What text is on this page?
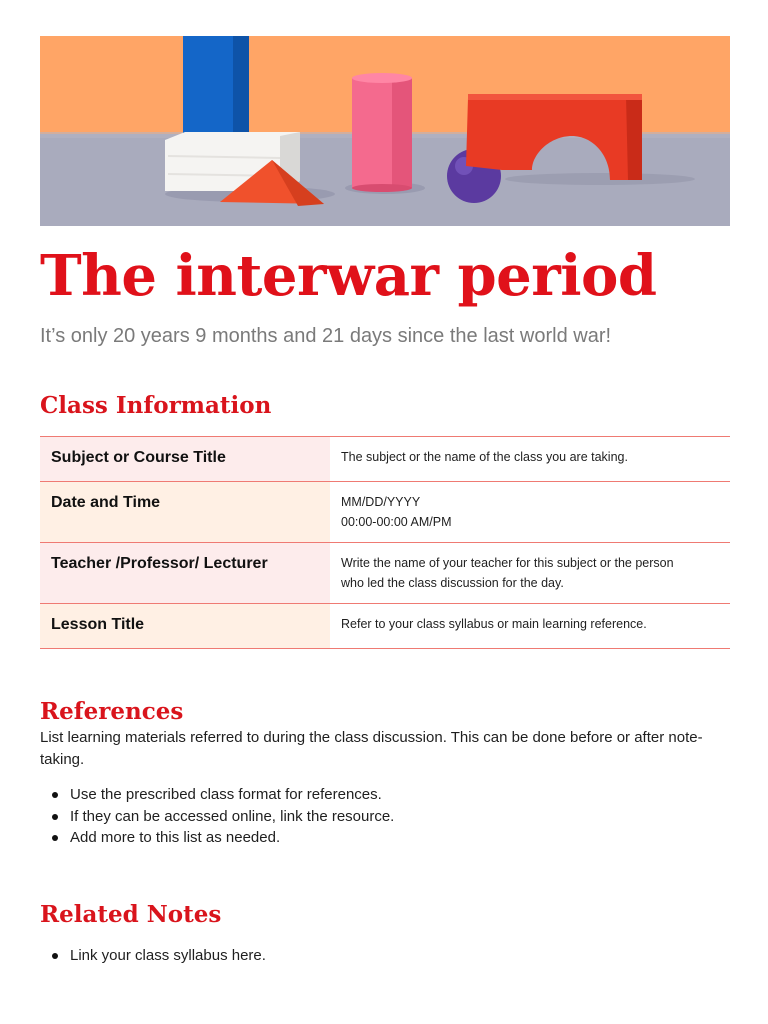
The interwar period

It’s only 20 years 9 months and 21 days since the last world war!

Class Information
Subject or Course Title	The subject or the name of the class you are taking.

Date and Time	MM/DD/YYYY
00:00-00:00 AM/PM

Teacher /Professor/ Lecturer	Write the name of your teacher for this subject or the person
who led the class discussion for the day.

Lesson Title	Refer to your class syllabus or main learning reference.
References

List learning materials referred to during the class discussion. This can be done before or after note-taking.

Use the prescribed class format for references.
If they can be accessed online, link the resource.
Add more to this list as needed.
Related Notes
Link your class syllabus here.
